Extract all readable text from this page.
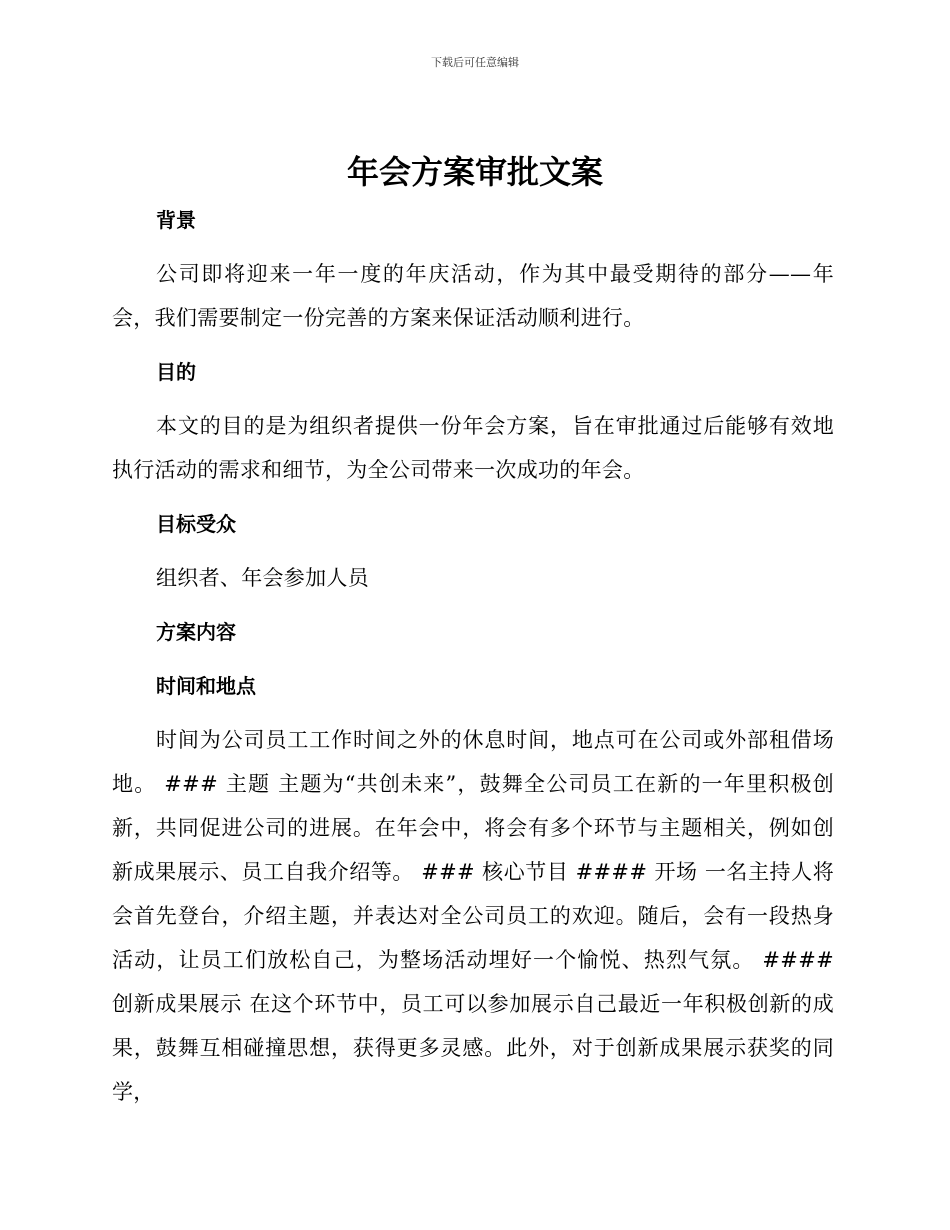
下载后可任意编辑
年会方案审批文案
背景

公司即将迎来一年一度的年庆活动，作为其中最受期待的部分——年会，我们需要制定一份完善的方案来保证活动顺利进行。

目的

本文的目的是为组织者提供一份年会方案，旨在审批通过后能够有效地执行活动的需求和细节，为全公司带来一次成功的年会。

目标受众

组织者、年会参加人员

方案内容
时间和地点

时间为公司员工工作时间之外的休息时间，地点可在公司或外部租借场地。 ### 主题 主题为“共创未来”，鼓舞全公司员工在新的一年里积极创新，共同促进公司的进展。在年会中，将会有多个环节与主题相关，例如创新成果展示、员工自我介绍等。 ### 核心节目 #### 开场 一名主持人将会首先登台，介绍主题，并表达对全公司员工的欢迎。随后，会有一段热身活动，让员工们放松自己，为整场活动埋好一个愉悦、热烈气氛。 #### 创新成果展示 在这个环节中，员工可以参加展示自己最近一年积极创新的成果，鼓舞互相碰撞思想，获得更多灵感。此外，对于创新成果展示获奖的同学，
